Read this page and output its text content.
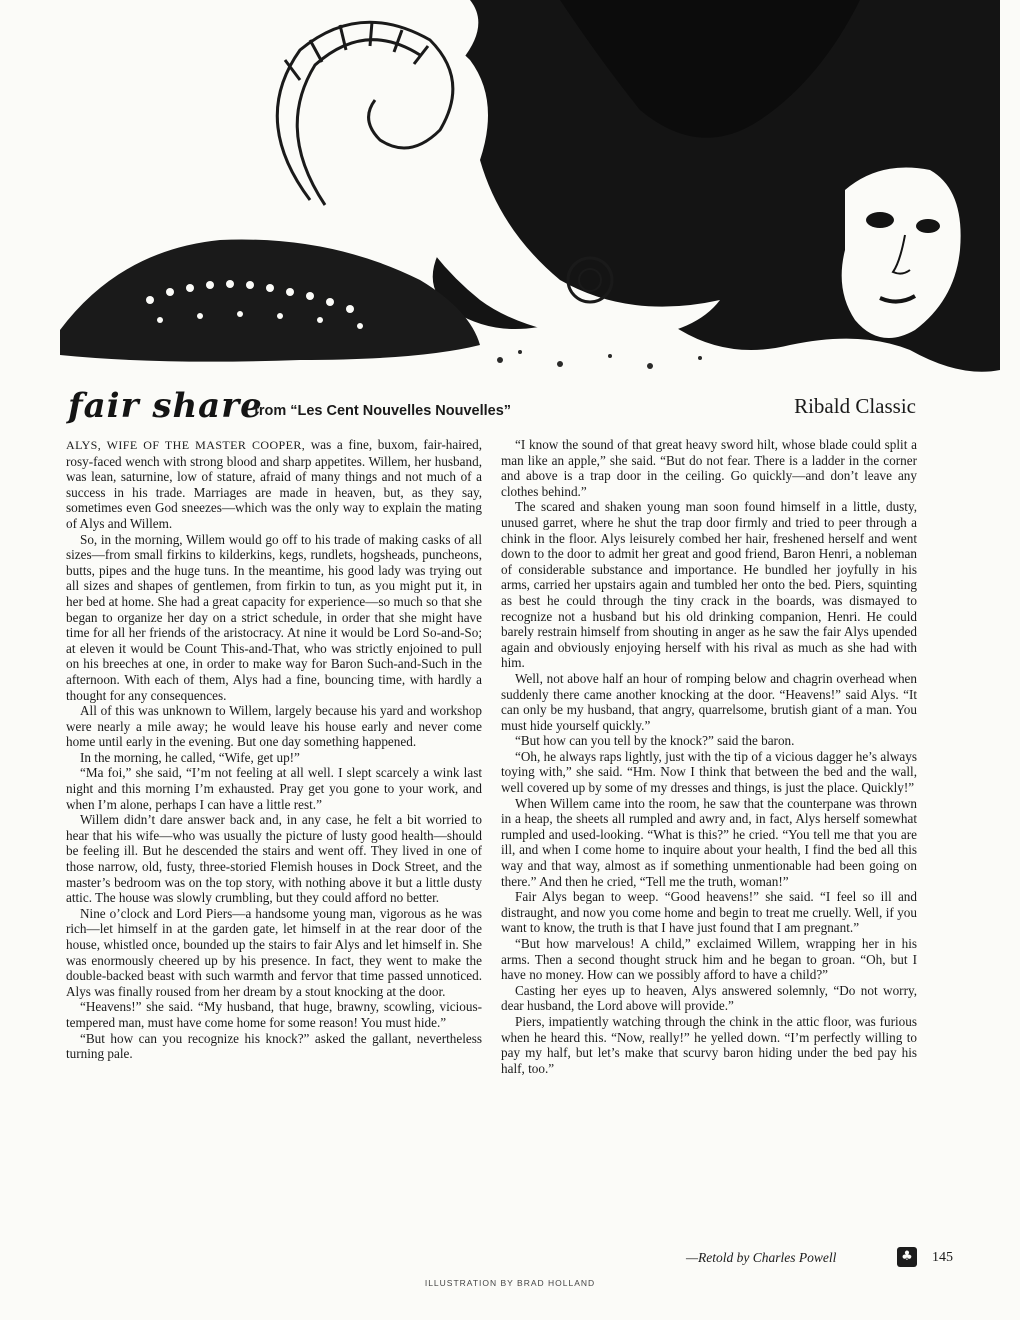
fair share
from “Les Cent Nouvelles Nouvelles”	Ribald Classic

ALYS, WIFE OF THE MASTER COOPER, was a fine, buxom, fair-haired, rosy-faced wench with strong blood and sharp appetites. Willem, her husband, was lean, saturnine, low of stature, afraid of many things and not much of a success in his trade. Marriages are made in heaven, but, as they say, sometimes even God sneezes—which was the only way to explain the mating of Alys and Willem.

So, in the morning, Willem would go off to his trade of making casks of all sizes—from small firkins to kilderkins, kegs, rundlets, hogsheads, puncheons, butts, pipes and the huge tuns. In the meantime, his good lady was trying out all sizes and shapes of gentlemen, from firkin to tun, as you might put it, in her bed at home. She had a great capacity for experience—so much so that she began to organize her day on a strict schedule, in order that she might have time for all her friends of the aristocracy. At nine it would be Lord So-and-So; at eleven it would be Count This-and-That, who was strictly enjoined to pull on his breeches at one, in order to make way for Baron Such-and-Such in the afternoon. With each of them, Alys had a fine, bouncing time, with hardly a thought for any consequences.

All of this was unknown to Willem, largely because his yard and workshop were nearly a mile away; he would leave his house early and never come home until early in the evening. But one day something happened.

In the morning, he called, “Wife, get up!”

“Ma foi,” she said, “I’m not feeling at all well. I slept scarcely a wink last night and this morning I’m exhausted. Pray get you gone to your work, and when I’m alone, perhaps I can have a little rest.”

Willem didn’t dare answer back and, in any case, he felt a bit worried to hear that his wife—who was usually the picture of lusty good health—should be feeling ill. But he descended the stairs and went off. They lived in one of those narrow, old, fusty, three-storied Flemish houses in Dock Street, and the master’s bedroom was on the top story, with nothing above it but a little dusty attic. The house was slowly crumbling, but they could afford no better.

Nine o’clock and Lord Piers—a handsome young man, vigorous as he was rich—let himself in at the garden gate, let himself in at the rear door of the house, whistled once, bounded up the stairs to fair Alys and let himself in. She was enormously cheered up by his presence. In fact, they went to make the double-backed beast with such warmth and fervor that time passed unnoticed. Alys was finally roused from her dream by a stout knocking at the door.

“Heavens!” she said. “My husband, that huge, brawny, scowling, vicious-tempered man, must have come home for some reason! You must hide.”

“But how can you recognize his knock?” asked the gallant, nevertheless turning pale.

“I know the sound of that great heavy sword hilt, whose blade could split a man like an apple,” she said. “But do not fear. There is a ladder in the corner and above is a trap door in the ceiling. Go quickly—and don’t leave any clothes behind.”

The scared and shaken young man soon found himself in a little, dusty, unused garret, where he shut the trap door firmly and tried to peer through a chink in the floor. Alys leisurely combed her hair, freshened herself and went down to the door to admit her great and good friend, Baron Henri, a nobleman of considerable substance and importance. He bundled her joyfully in his arms, carried her upstairs again and tumbled her onto the bed. Piers, squinting as best he could through the tiny crack in the boards, was dismayed to recognize not a husband but his old drinking companion, Henri. He could barely restrain himself from shouting in anger as he saw the fair Alys upended again and obviously enjoying herself with his rival as much as she had with him.

Well, not above half an hour of romping below and chagrin overhead when suddenly there came another knocking at the door. “Heavens!” said Alys. “It can only be my husband, that angry, quarrelsome, brutish giant of a man. You must hide yourself quickly.”

“But how can you tell by the knock?” said the baron.

“Oh, he always raps lightly, just with the tip of a vicious dagger he’s always toying with,” she said. “Hm. Now I think that between the bed and the wall, well covered up by some of my dresses and things, is just the place. Quickly!”

When Willem came into the room, he saw that the counterpane was thrown in a heap, the sheets all rumpled and awry and, in fact, Alys herself somewhat rumpled and used-looking. “What is this?” he cried. “You tell me that you are ill, and when I come home to inquire about your health, I find the bed all this way and that way, almost as if something unmentionable had been going on there.” And then he cried, “Tell me the truth, woman!”

Fair Alys began to weep. “Good heavens!” she said. “I feel so ill and distraught, and now you come home and begin to treat me cruelly. Well, if you want to know, the truth is that I have just found that I am pregnant.”

“But how marvelous! A child,” exclaimed Willem, wrapping her in his arms. Then a second thought struck him and he began to groan. “Oh, but I have no money. How can we possibly afford to have a child?”

Casting her eyes up to heaven, Alys answered solemnly, “Do not worry, dear husband, the Lord above will provide.”

Piers, impatiently watching through the chink in the attic floor, was furious when he heard this. “Now, really!” he yelled down. “I’m perfectly willing to pay my half, but let’s make that scurvy baron hiding under the bed pay his half, too.”

—Retold by Charles Powell	♣ 145
ILLUSTRATION BY BRAD HOLLAND
